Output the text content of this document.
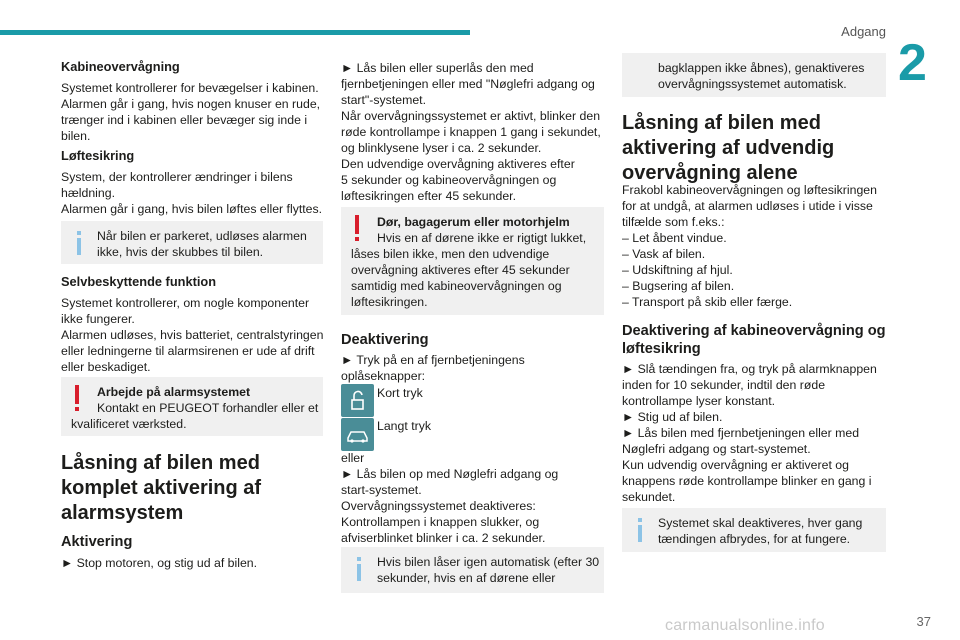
Adgang
2
Kabineovervågning
Systemet kontrollerer for bevægelser i kabinen.
Alarmen går i gang, hvis nogen knuser en rude,
trænger ind i kabinen eller bevæger sig inde i
bilen.
Løftesikring
System, der kontrollerer ændringer i bilens
hældning.
Alarmen går i gang, hvis bilen løftes eller flyttes.
Når bilen er parkeret, udløses alarmen
ikke, hvis der skubbes til bilen.
Selvbeskyttende funktion
Systemet kontrollerer, om nogle komponenter
ikke fungerer.
Alarmen udløses, hvis batteriet, centralstyringen
eller ledningerne til alarmsirenen er ude af drift
eller beskadiget.
Arbejde på alarmsystemet
Kontakt en PEUGEOT forhandler eller et
kvalificeret værksted.
Låsning af bilen med
komplet aktivering af
alarmsystem
Aktivering
► Stop motoren, og stig ud af bilen.
► Lås bilen eller superlås den med
fjernbetjeningen eller med "Nøglefri adgang og
start"-systemet.
Når overvågningssystemet er aktivt, blinker den
røde kontrollampe i knappen 1 gang i sekundet,
og blinklysene lyser i ca. 2 sekunder.
Den udvendige overvågning aktiveres efter
5 sekunder og kabineovervågningen og
løftesikringen efter 45 sekunder.
Dør, bagagerum eller motorhjelm
Hvis en af dørene ikke er rigtigt lukket,
låses bilen ikke, men den udvendige
overvågning aktiveres efter 45 sekunder
samtidig med kabineovervågningen og
løftesikringen.
Deaktivering
► Tryk på en af fjernbetjeningens
oplåseknapper:
Kort tryk
Langt tryk
eller
► Lås bilen op med Nøglefri adgang og
start-systemet.
Overvågningssystemet deaktiveres:
Kontrollampen i knappen slukker, og
afviserblinket blinker i ca. 2 sekunder.
Hvis bilen låser igen automatisk (efter 30
sekunder, hvis en af dørene eller
bagklappen ikke åbnes), genaktiveres
overvågningssystemet automatisk.
Låsning af bilen med
aktivering af udvendig
overvågning alene
Frakobl kabineovervågningen og løftesikringen
for at undgå, at alarmen udløses i utide i visse
tilfælde som f.eks.:
– Let åbent vindue.
– Vask af bilen.
– Udskiftning af hjul.
– Bugsering af bilen.
– Transport på skib eller færge.
Deaktivering af kabineovervågning og
løftesikring
► Slå tændingen fra, og tryk på alarmknappen
inden for 10 sekunder, indtil den røde
kontrollampe lyser konstant.
► Stig ud af bilen.
► Lås bilen med fjernbetjeningen eller med
Nøglefri adgang og start-systemet.
Kun udvendig overvågning er aktiveret og
knappens røde kontrollampe blinker en gang i
sekundet.
Systemet skal deaktiveres, hver gang
tændingen afbrydes, for at fungere.
carmanualsonline.info	37
